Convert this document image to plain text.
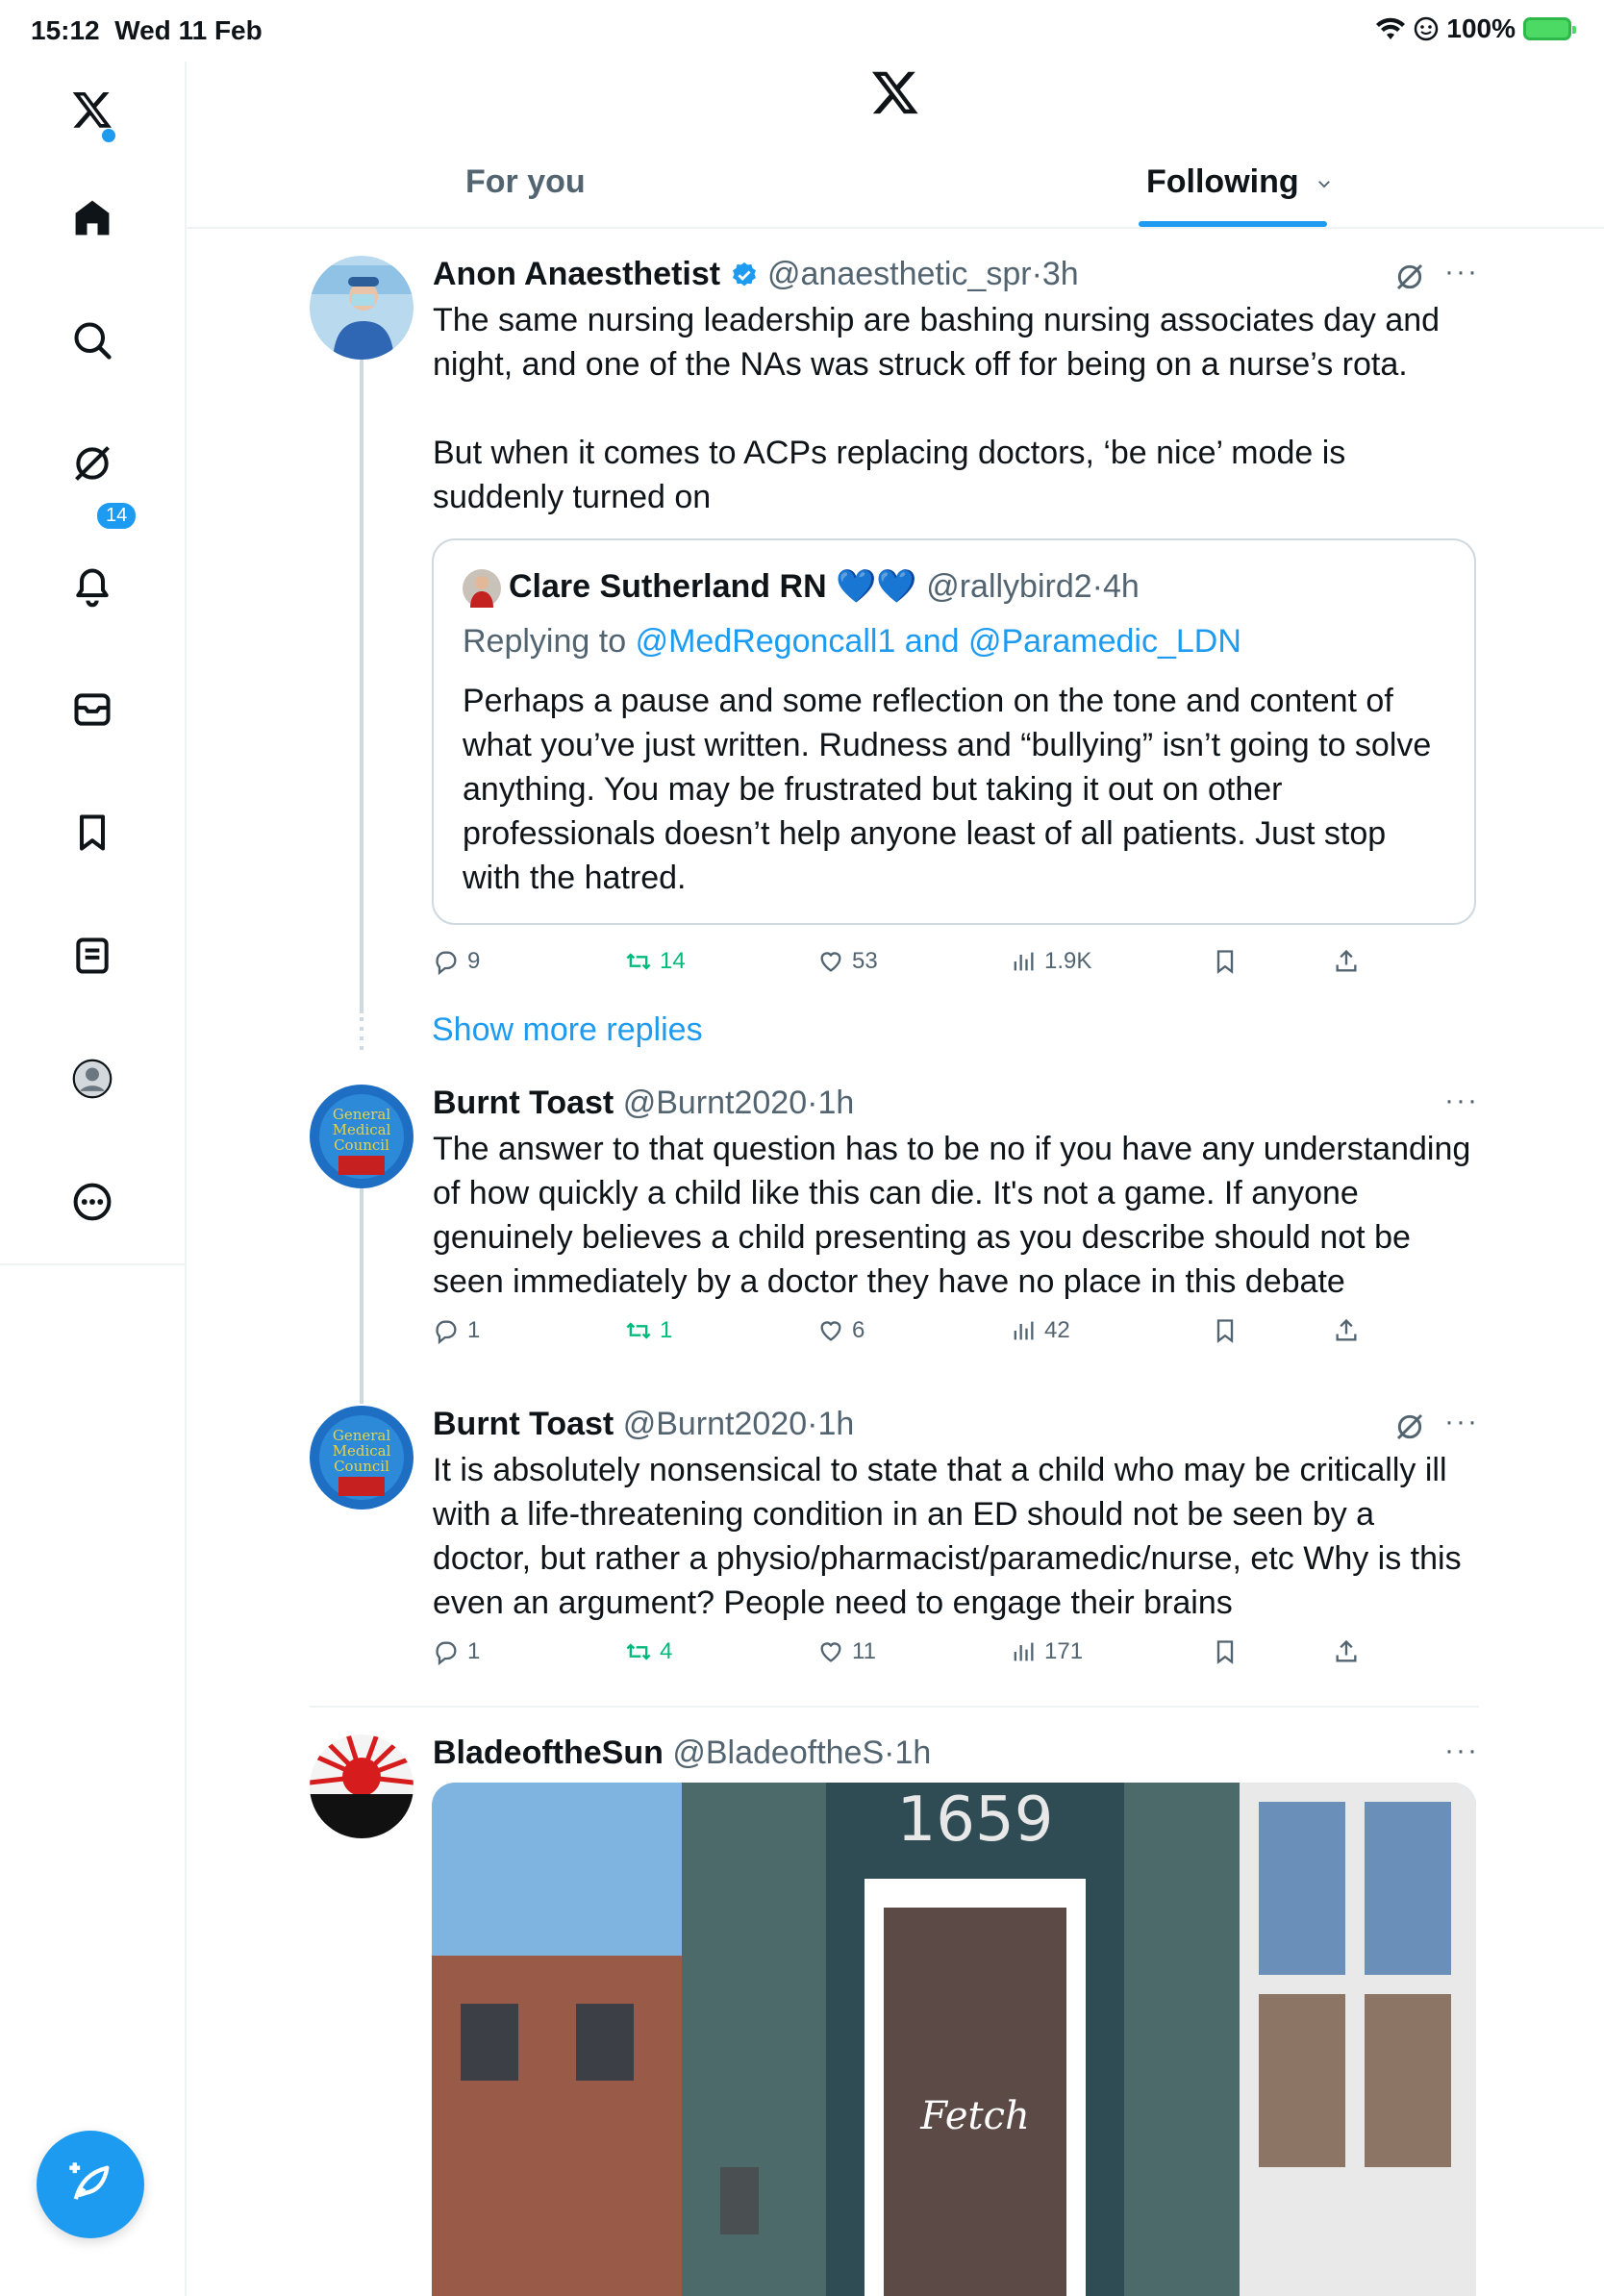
15:12 Wed 11 Feb	100%
14
For you	Following
Anon Anaesthetist @anaesthetic_spr·3h	···
The same nursing leadership are bashing nursing associates day and night, and one of the NAs was struck off for being on a nurse’s rota.
But when it comes to ACPs replacing doctors, ‘be nice’ mode is suddenly turned on
9	14	53	1.9K
Clare Sutherland RN 💙💙 @rallybird2·4h
Replying to @MedRegoncall1 and @Paramedic_LDN
Perhaps a pause and some reflection on the tone and content of what you’ve just written. Rudness and “bullying” isn’t going to solve anything. You may be frustrated but taking it out on other professionals doesn’t help anyone least of all patients. Just stop with the hatred.
Show more replies
General
Medical
Council
Burnt Toast @Burnt2020·1h	···
The answer to that question has to be no if you have any understanding of how quickly a child like this can die. It's not a game. If anyone genuinely believes a child presenting as you describe should not be seen immediately by a doctor they have no place in this debate
1	1	6	42
General
Medical
Council
Burnt Toast @Burnt2020·1h	···
It is absolutely nonsensical to state that a child who may be critically ill with a life-threatening condition in an ED should not be seen by a doctor, but rather a physio/pharmacist/paramedic/nurse, etc Why is this even an argument? People need to engage their brains
1	4	11	171
BladeoftheSun @BladeoftheS·1h	···
1659
Fetch
